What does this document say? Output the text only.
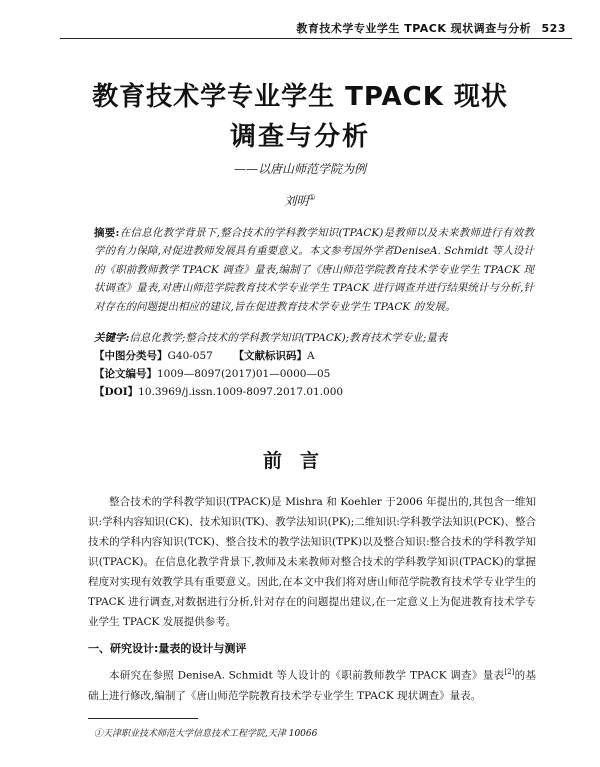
教育技术学专业学生 TPACK 现状调查与分析 523
教育技术学专业学生 TPACK 现状
调查与分析
——以唐山师范学院为例
刘明①
摘要:在信息化教学背景下,整合技术的学科教学知识(TPACK)是教师以及未来教师进行有效教学的有力保障,对促进教师发展具有重要意义。本文参考国外学者DeniseA. Schmidt 等人设计的《职前教师教学 TPACK 调查》量表,编制了《唐山师范学院教育技术学专业学生 TPACK 现状调查》量表,对唐山师范学院教育技术学专业学生 TPACK 进行调查并进行结果统计与分析,针对存在的问题提出相应的建议,旨在促进教育技术学专业学生 TPACK 的发展。
关键字:信息化教学;整合技术的学科教学知识(TPACK);教育技术学专业;量表
【中图分类号】G40-057 【文献标识码】A
【论文编号】1009—8097(2017)01—0000—05
【DOI】10.3969/j.issn.1009-8097.2017.01.000
前言

整合技术的学科教学知识(TPACK)是 Mishra 和 Koehler 于2006 年提出的,其包含一维知识:学科内容知识(CK)、技术知识(TK)、教学法知识(PK);二维知识:学科教学法知识(PCK)、整合技术的学科内容知识(TCK)、整合技术的教学法知识(TPK)以及整合知识:整合技术的学科教学知识(TPACK)。在信息化教学背景下,教师及未来教师对整合技术的学科教学知识(TPACK)的掌握程度对实现有效教学具有重要意义。因此,在本文中我们将对唐山师范学院教育技术学专业学生的 TPACK 进行调查,对数据进行分析,针对存在的问题提出建议,在一定意义上为促进教育技术学专业学生 TPACK 发展提供参考。

一、研究设计:量表的设计与测评

本研究在参照 DeniseA. Schmidt 等人设计的《职前教师教学 TPACK 调查》量表[2]的基础上进行修改,编制了《唐山师范学院教育技术学专业学生 TPACK 现状调查》量表。

①天津职业技术师范大学信息技术工程学院,天津 10066
